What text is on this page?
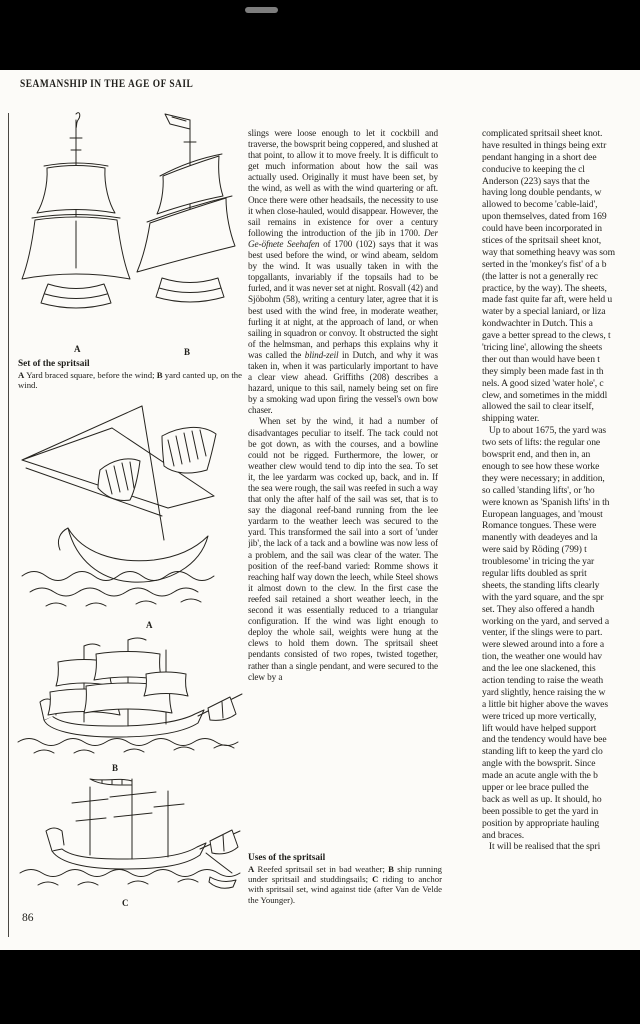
SEAMANSHIP IN THE AGE OF SAIL
A	B
Set of the spritsail
A Yard braced square, before the wind; B yard canted up, on the wind.
A
B
C

slings were loose enough to let it cockbill and traverse, the bowsprit being coppered, and slushed at that point, to allow it to move freely. It is difficult to get much information about how the sail was actually used. Originally it must have been set, by the wind, as well as with the wind quartering or aft. Once there were other headsails, the necessity to use it when close-hauled, would disappear. However, the sail remains in existence for over a century following the introduction of the jib in 1700. Der Ge-öfnete Seehafen of 1700 (102) says that it was best used before the wind, or wind abeam, seldom by the wind. It was usually taken in with the topgallants, invariably if the topsails had to be furled, and it was never set at night. Rosvall (42) and Sjöbohm (58), writing a century later, agree that it is best used with the wind free, in moderate weather, furling it at night, at the approach of land, or when sailing in squadron or convoy. It obstructed the sight of the helmsman, and perhaps this explains why it was called the blind-zeil in Dutch, and why it was taken in, when it was particularly important to have a clear view ahead. Griffiths (208) describes a hazard, unique to this sail, namely being set on fire by a smoking wad upon firing the vessel's own bow chaser.

When set by the wind, it had a number of disadvantages peculiar to itself. The tack could not be got down, as with the courses, and a bowline could not be rigged. Furthermore, the lower, or weather clew would tend to dip into the sea. To set it, the lee yardarm was cocked up, back, and in. If the sea were rough, the sail was reefed in such a way that only the after half of the sail was set, that is to say the diagonal reef-band running from the lee yardarm to the weather leech was secured to the yard. This transformed the sail into a sort of 'under jib', the lack of a tack and a bowline was now less of a problem, and the sail was clear of the water. The position of the reef-band varied: Romme shows it reaching half way down the leech, while Steel shows it almost down to the clew. In the first case the reefed sail retained a short weather leech, in the second it was essentially reduced to a triangular configuration. If the wind was light enough to deploy the whole sail, weights were hung at the clews to hold them down. The spritsail sheet pendants consisted of two ropes, twisted together, rather than a single pendant, and were secured to the clew by a

Uses of the spritsail
A Reefed spritsail set in bad weather; B ship running under spritsail and studdingsails; C riding to anchor with spritsail set, wind against tide (after Van de Velde the Younger).
complicated spritsail sheet knot.
have resulted in things being extr
pendant hanging in a short dee
conducive to keeping the cl
Anderson (223) says that the
having long double pendants, w
allowed to become 'cable-laid',
upon themselves, dated from 169
could have been incorporated in
stices of the spritsail sheet knot,
way that something heavy was som
serted in the 'monkey's fist' of a b
(the latter is not a generally rec
practice, by the way). The sheets,
made fast quite far aft, were held u
water by a special laniard, or liza
kondwachter in Dutch. This a
gave a better spread to the clews, t
'tricing line', allowing the sheets
ther out than would have been t
they simply been made fast in th
nels. A good sized 'water hole', c
clew, and sometimes in the middl
allowed the sail to clear itself,
shipping water.
Up to about 1675, the yard was
two sets of lifts: the regular one
bowsprit end, and then in, an
enough to see how these worke
they were necessary; in addition,
so called 'standing lifts', or 'ho
were known as 'Spanish lifts' in th
European languages, and 'moust
Romance tongues. These were
manently with deadeyes and la
were said by Röding (799) t
troublesome' in tricing the yar
regular lifts doubled as sprit
sheets, the standing lifts clearly
with the yard square, and the spr
set. They also offered a handh
working on the yard, and served a
venter, if the slings were to part.
were slewed around into a fore a
tion, the weather one would hav
and the lee one slackened, this
action tending to raise the weath
yard slightly, hence raising the w
a little bit higher above the waves
were triced up more vertically,
lift would have helped support
and the tendency would have bee
standing lift to keep the yard clo
angle with the bowsprit. Since
made an acute angle with the b
upper or lee brace pulled the
back as well as up. It should, ho
been possible to get the yard in
position by appropriate hauling
and braces.
It will be realised that the spri
86
